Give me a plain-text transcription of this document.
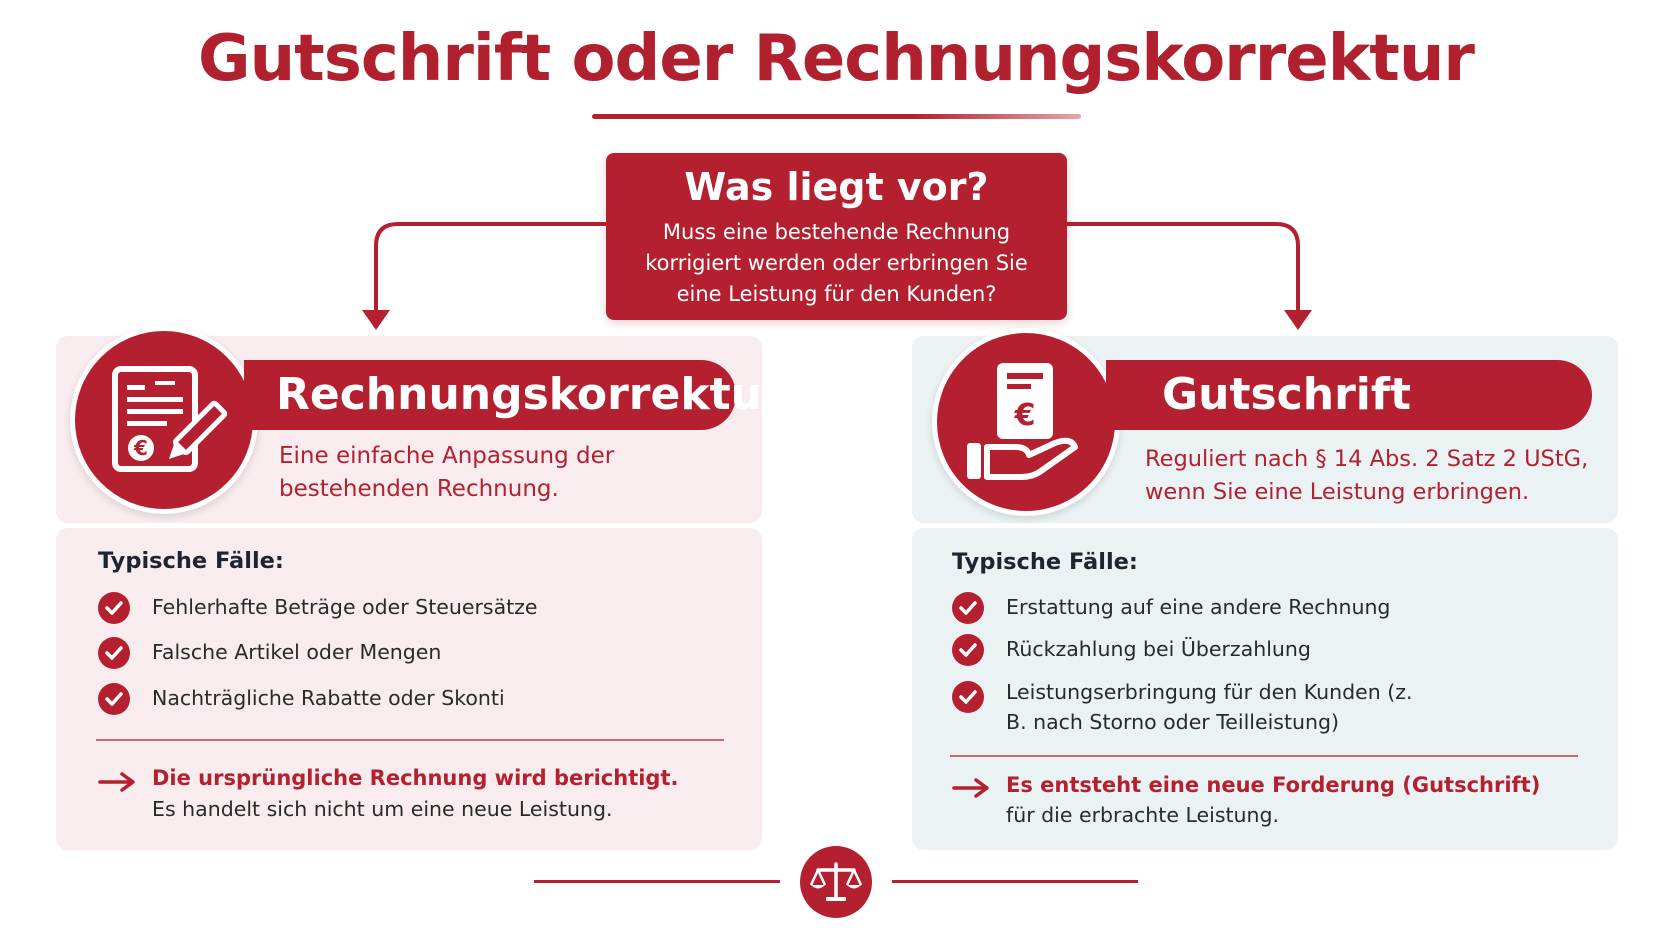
Gutschrift oder Rechnungskorrektur
Was liegt vor?
Muss eine bestehende Rechnung korrigiert werden oder erbringen Sie eine Leistung für den Kunden?
€
Rechnungskorrektur
Eine einfache Anpassung der bestehenden Rechnung.
Typische Fälle:
Fehlerhafte Beträge oder Steuersätze
Falsche Artikel oder Mengen
Nachträgliche Rabatte oder Skonti
Die ursprüngliche Rechnung wird berichtigt.
Es handelt sich nicht um eine neue Leistung.
€	Gutschrift
Reguliert nach § 14 Abs. 2 Satz 2 UStG, wenn Sie eine Leistung erbringen.
Typische Fälle:
Erstattung auf eine andere Rechnung
Rückzahlung bei Überzahlung
Leistungserbringung für den Kunden (z. B. nach Storno oder Teilleistung)
Es entsteht eine neue Forderung (Gutschrift)
für die erbrachte Leistung.
